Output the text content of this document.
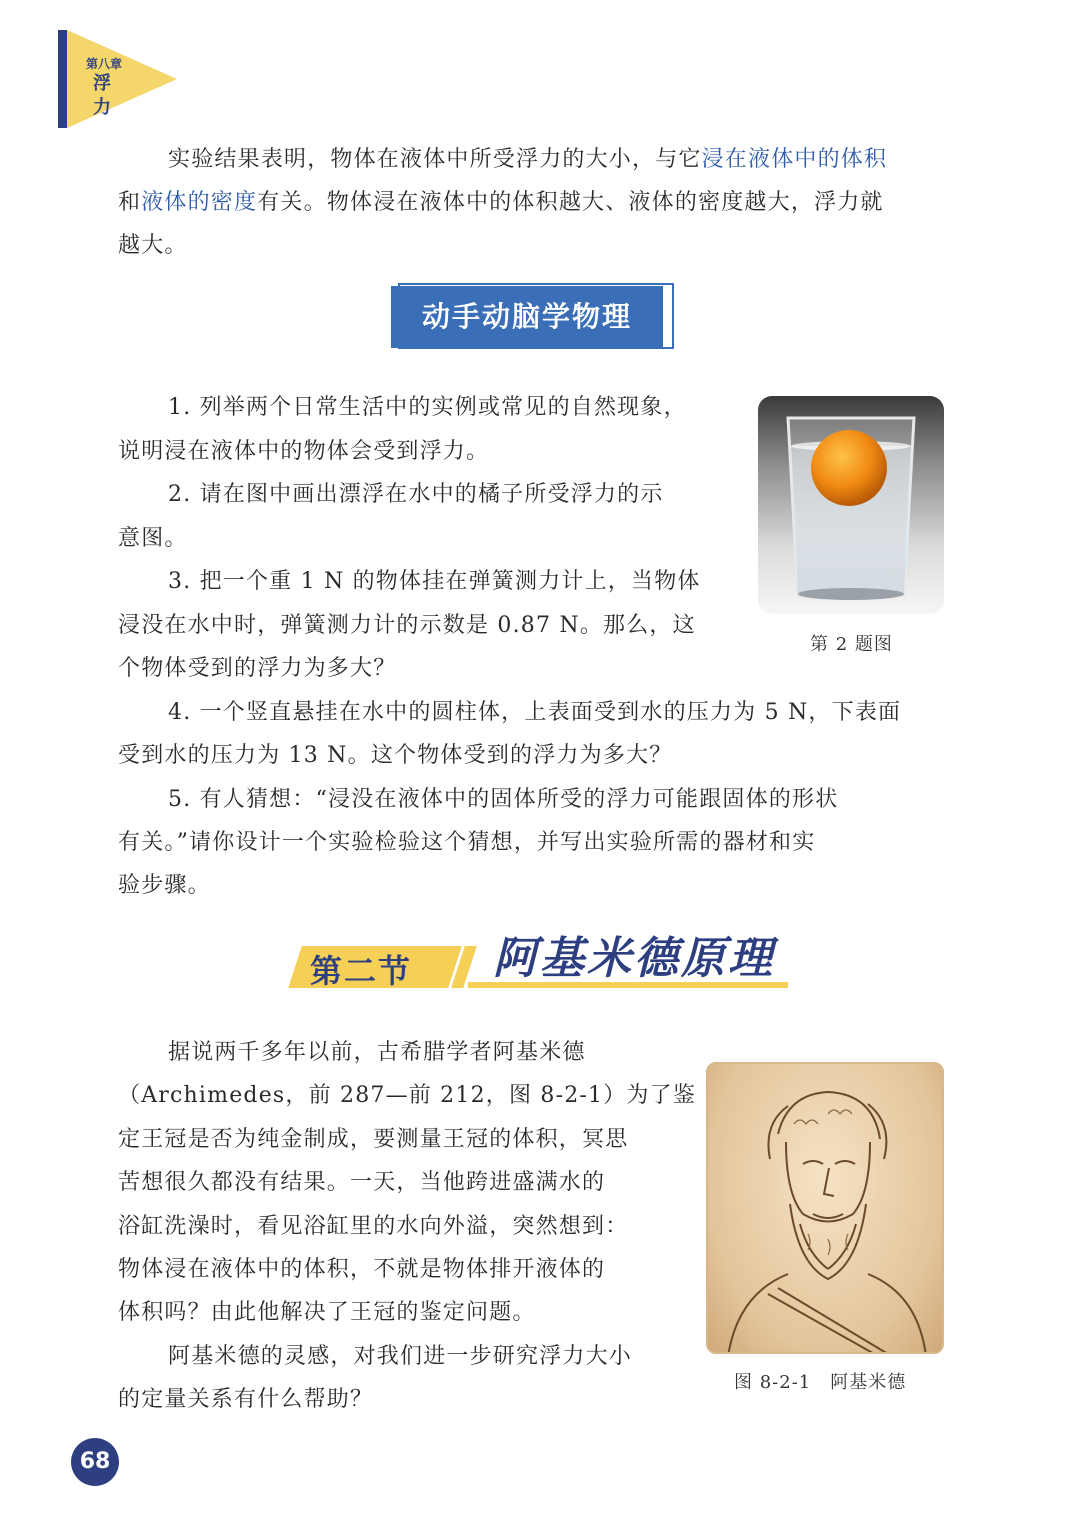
第八章
浮　力

实验结果表明，物体在液体中所受浮力的大小，与它浸在液体中的体积

和液体的密度有关。物体浸在液体中的体积越大、液体的密度越大，浮力就

越大。

动手动脑学物理

1. 列举两个日常生活中的实例或常见的自然现象，

说明浸在液体中的物体会受到浮力。

2. 请在图中画出漂浮在水中的橘子所受浮力的示

意图。

3. 把一个重 1 N 的物体挂在弹簧测力计上，当物体

浸没在水中时，弹簧测力计的示数是 0.87 N。那么，这

个物体受到的浮力为多大？

4. 一个竖直悬挂在水中的圆柱体，上表面受到水的压力为 5 N，下表面

受到水的压力为 13 N。这个物体受到的浮力为多大？

5. 有人猜想：“浸没在液体中的固体所受的浮力可能跟固体的形状

有关。”请你设计一个实验检验这个猜想，并写出实验所需的器材和实

验步骤。

第 2 题图
第二节 阿基米德原理

据说两千多年以前，古希腊学者阿基米德

（Archimedes，前 287—前 212，图 8-2-1）为了鉴

定王冠是否为纯金制成，要测量王冠的体积，冥思

苦想很久都没有结果。一天，当他跨进盛满水的

浴缸洗澡时，看见浴缸里的水向外溢，突然想到：

物体浸在液体中的体积，不就是物体排开液体的

体积吗？由此他解决了王冠的鉴定问题。

阿基米德的灵感，对我们进一步研究浮力大小

的定量关系有什么帮助？

图 8-2-1　阿基米德
68
